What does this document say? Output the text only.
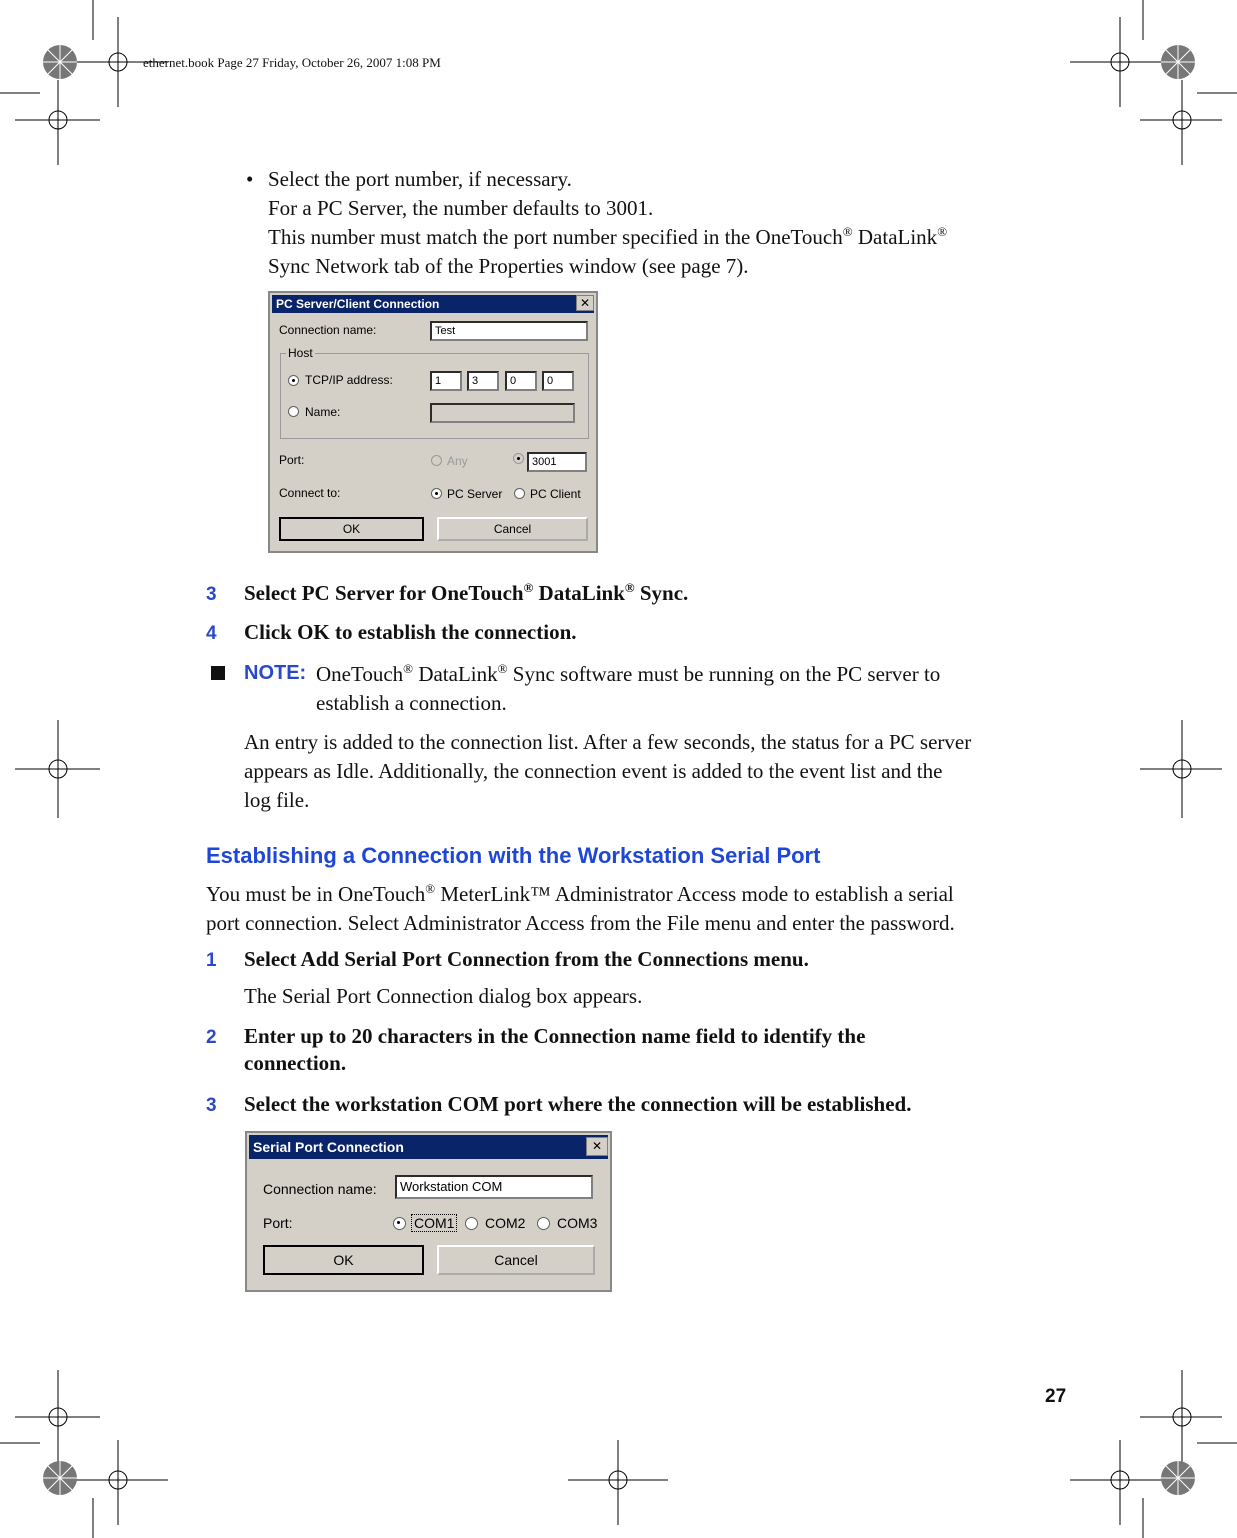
ethernet.book Page 27 Friday, October 26, 2007 1:08 PM
• Select the port number, if necessary.
For a PC Server, the number defaults to 3001.
This number must match the port number specified in the OneTouch® DataLink®
Sync Network tab of the Properties window (see page 7).
PC Server/Client Connection	✕
Connection name:	Test
Host
TCP/IP address:	1	3	0	0
Name:
Port:	Any	3001
Connect to:	PC Server PC Client
OK	Cancel
3 Select PC Server for OneTouch® DataLink® Sync.
4 Click OK to establish the connection.
NOTE: OneTouch® DataLink® Sync software must be running on the PC server to
establish a connection.
An entry is added to the connection list. After a few seconds, the status for a PC server
appears as Idle. Additionally, the connection event is added to the event list and the
log file.
Establishing a Connection with the Workstation Serial Port
You must be in OneTouch® MeterLink™ Administrator Access mode to establish a serial
port connection. Select Administrator Access from the File menu and enter the password.
1 Select Add Serial Port Connection from the Connections menu.
The Serial Port Connection dialog box appears.
2 Enter up to 20 characters in the Connection name field to identify the
connection.
3 Select the workstation COM port where the connection will be established.
Serial Port Connection	✕
Connection name:	Workstation COM
Port:	COM1 COM2 COM3
OK	Cancel
27
